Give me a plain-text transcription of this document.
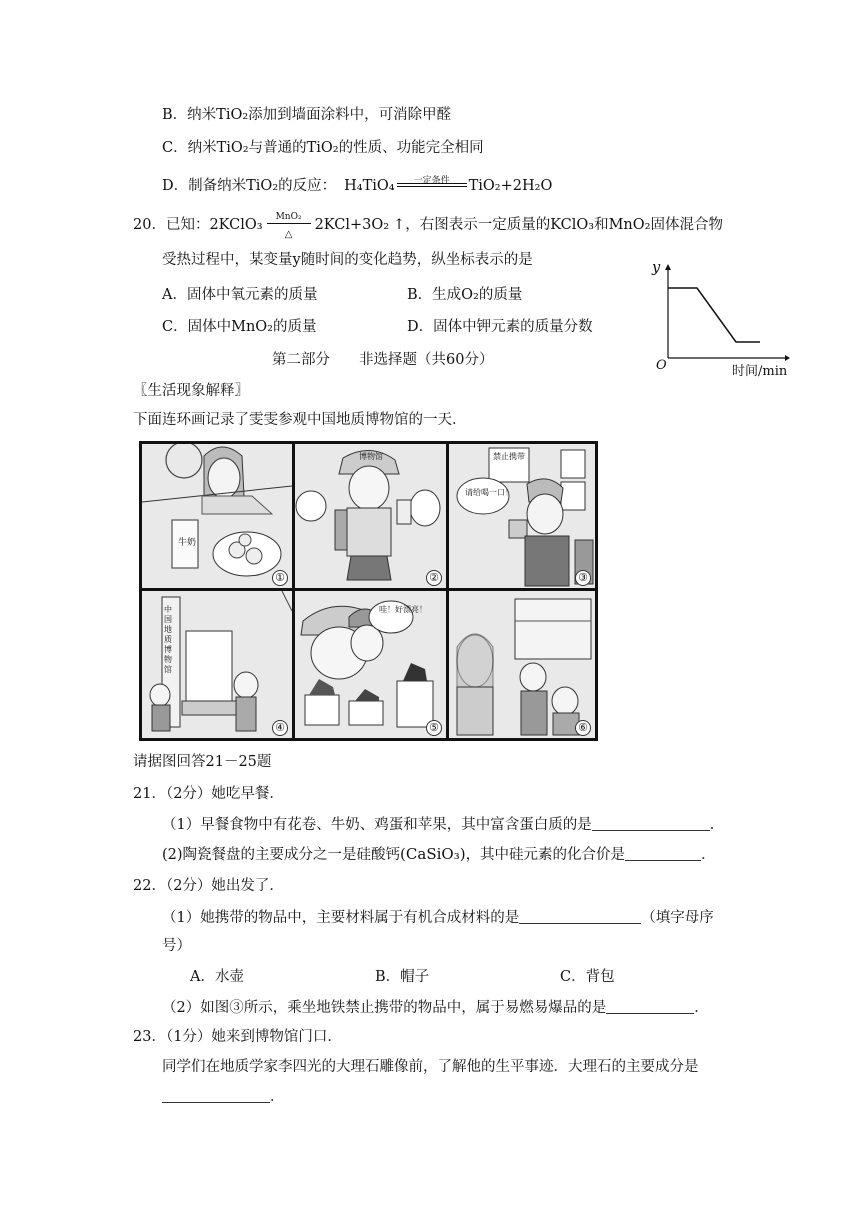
B．纳米TiO₂添加到墙面涂料中，可消除甲醛
C．纳米TiO₂与普通的TiO₂的性质、功能完全相同
D．制备纳米TiO₂的反应： H₄TiO₄	一定条件	TiO₂+2H₂O
20．已知：2KClO₃	MnO₂
△
2KCl+3O₂ ↑，右图表示一定质量的KClO₃和MnO₂固体混合物
受热过程中，某变量y随时间的变化趋势，纵坐标表示的是
A．固体中氧元素的质量	B．生成O₂的质量
C．固体中MnO₂的质量	D．固体中钾元素的质量分数
y
O	时间/min
第二部分　　非选择题（共60分）
〖生活现象解释〗
下面连环画记录了雯雯参观中国地质博物馆的一天．
牛奶
①
博物馆
②
禁止携带
请给喝一口！
③
中国地质博物馆
④
哇！好漂亮！
⑤	⑥
请据图回答21－25题
21．（2分）她吃早餐．
（1）早餐食物中有花卷、牛奶、鸡蛋和苹果，其中富含蛋白质的是	．
(2)陶瓷餐盘的主要成分之一是硅酸钙(CaSiO₃)，其中硅元素的化合价是	．
22．（2分）她出发了．
（1）她携带的物品中，主要材料属于有机合成材料的是	（填字母序
号）
A．水壶	B．帽子	C．背包
（2）如图③所示，乘坐地铁禁止携带的物品中，属于易燃易爆品的是	．
23．（1分）她来到博物馆门口．
同学们在地质学家李四光的大理石雕像前，了解他的生平事迹．大理石的主要成分是
．
